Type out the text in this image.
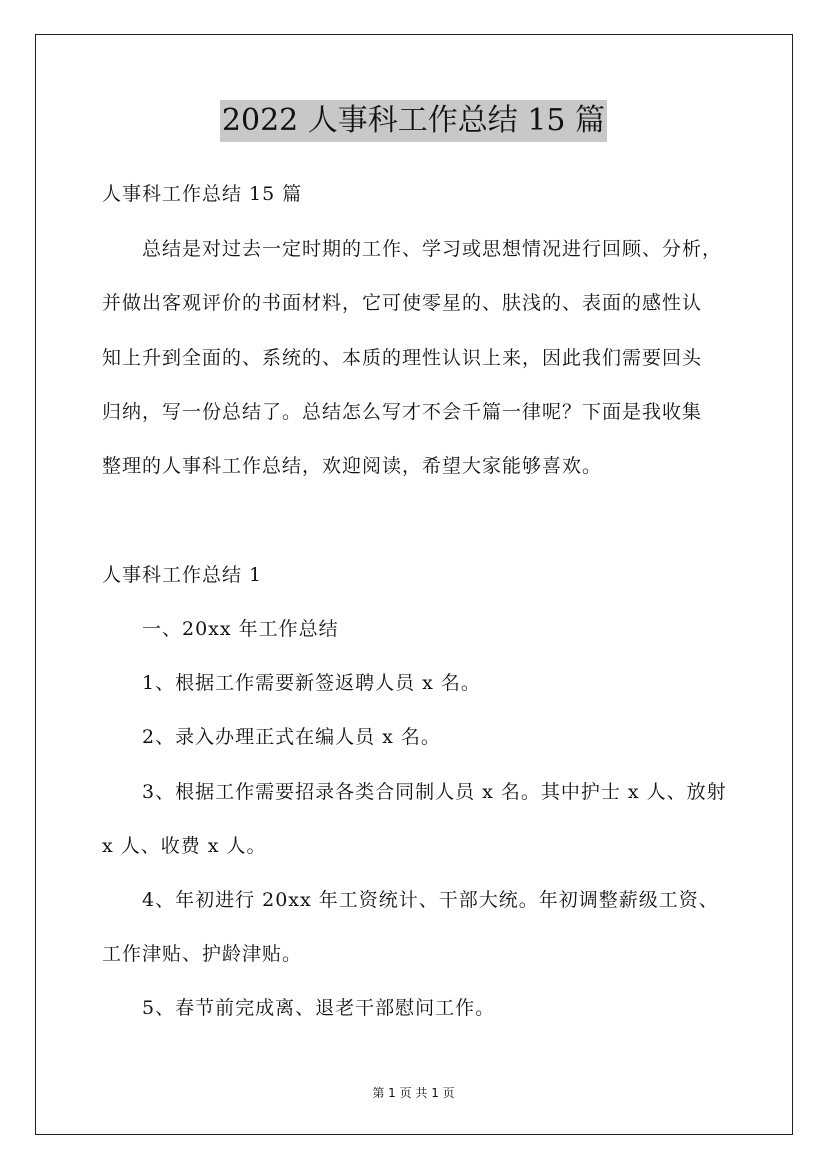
2022 人事科工作总结 15 篇
人事科工作总结 15 篇
总结是对过去一定时期的工作、学习或思想情况进行回顾、分析，
并做出客观评价的书面材料，它可使零星的、肤浅的、表面的感性认
知上升到全面的、系统的、本质的理性认识上来，因此我们需要回头
归纳，写一份总结了。总结怎么写才不会千篇一律呢？下面是我收集
整理的人事科工作总结，欢迎阅读，希望大家能够喜欢。
人事科工作总结 1
一、20xx 年工作总结
1、根据工作需要新签返聘人员 x 名。
2、录入办理正式在编人员 x 名。
3、根据工作需要招录各类合同制人员 x 名。其中护士 x 人、放射
x 人、收费 x 人。
4、年初进行 20xx 年工资统计、干部大统。年初调整薪级工资、
工作津贴、护龄津贴。
5、春节前完成离、退老干部慰问工作。
第 1 页 共 1 页
